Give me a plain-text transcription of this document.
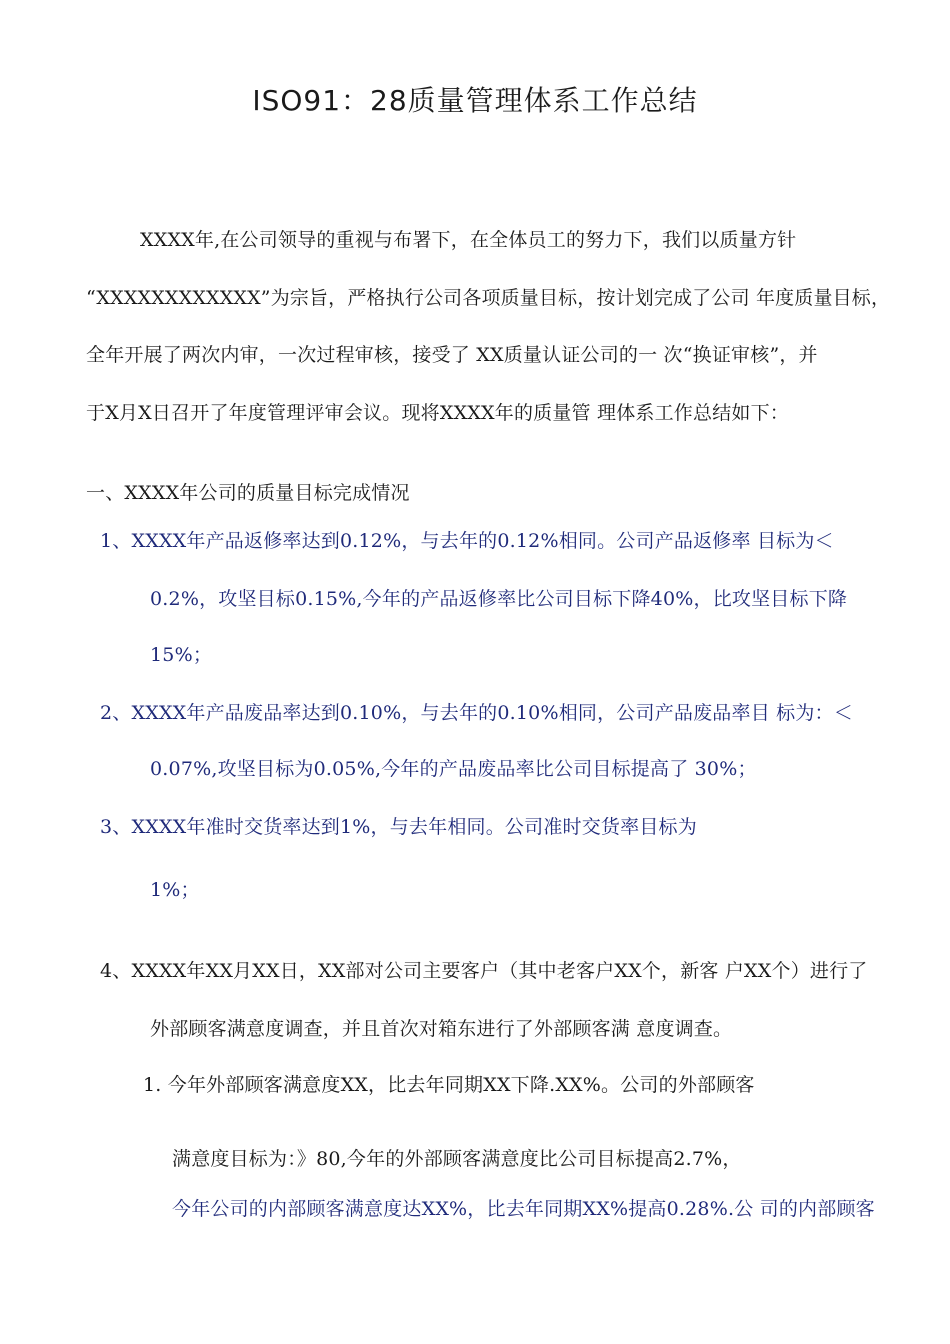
ISO91：28质量管理体系工作总结
XXXX年,在公司领导的重视与布署下，在全体员工的努力下，我们以质量方针
“XXXXXXXXXXXX”为宗旨，严格执行公司各项质量目标，按计划完成了公司 年度质量目标，
全年开展了两次内审，一次过程审核，接受了 XX质量认证公司的一 次“换证审核”，并
于X月X日召开了年度管理评审会议。现将XXXX年的质量管 理体系工作总结如下：
一、XXXX年公司的质量目标完成情况
1、XXXX年产品返修率达到0.12%，与去年的0.12%相同。公司产品返修率 目标为＜
0.2%，攻坚目标0.15%,今年的产品返修率比公司目标下降40%，比攻坚目标下降
15%；
2、XXXX年产品废品率达到0.10%，与去年的0.10%相同，公司产品废品率目 标为：＜
0.07%,攻坚目标为0.05%,今年的产品废品率比公司目标提高了 30%；
3、XXXX年准时交货率达到1%，与去年相同。公司准时交货率目标为
1%；
4、XXXX年XX月XX日，XX部对公司主要客户（其中老客户XX个，新客 户XX个）进行了
外部顾客满意度调查，并且首次对箱东进行了外部顾客满 意度调查。
1. 今年外部顾客满意度XX，比去年同期XX下降.XX%。公司的外部顾客
满意度目标为：》80,今年的外部顾客满意度比公司目标提高2.7%，
今年公司的内部顾客满意度达XX%，比去年同期XX%提高0.28%.公 司的内部顾客
